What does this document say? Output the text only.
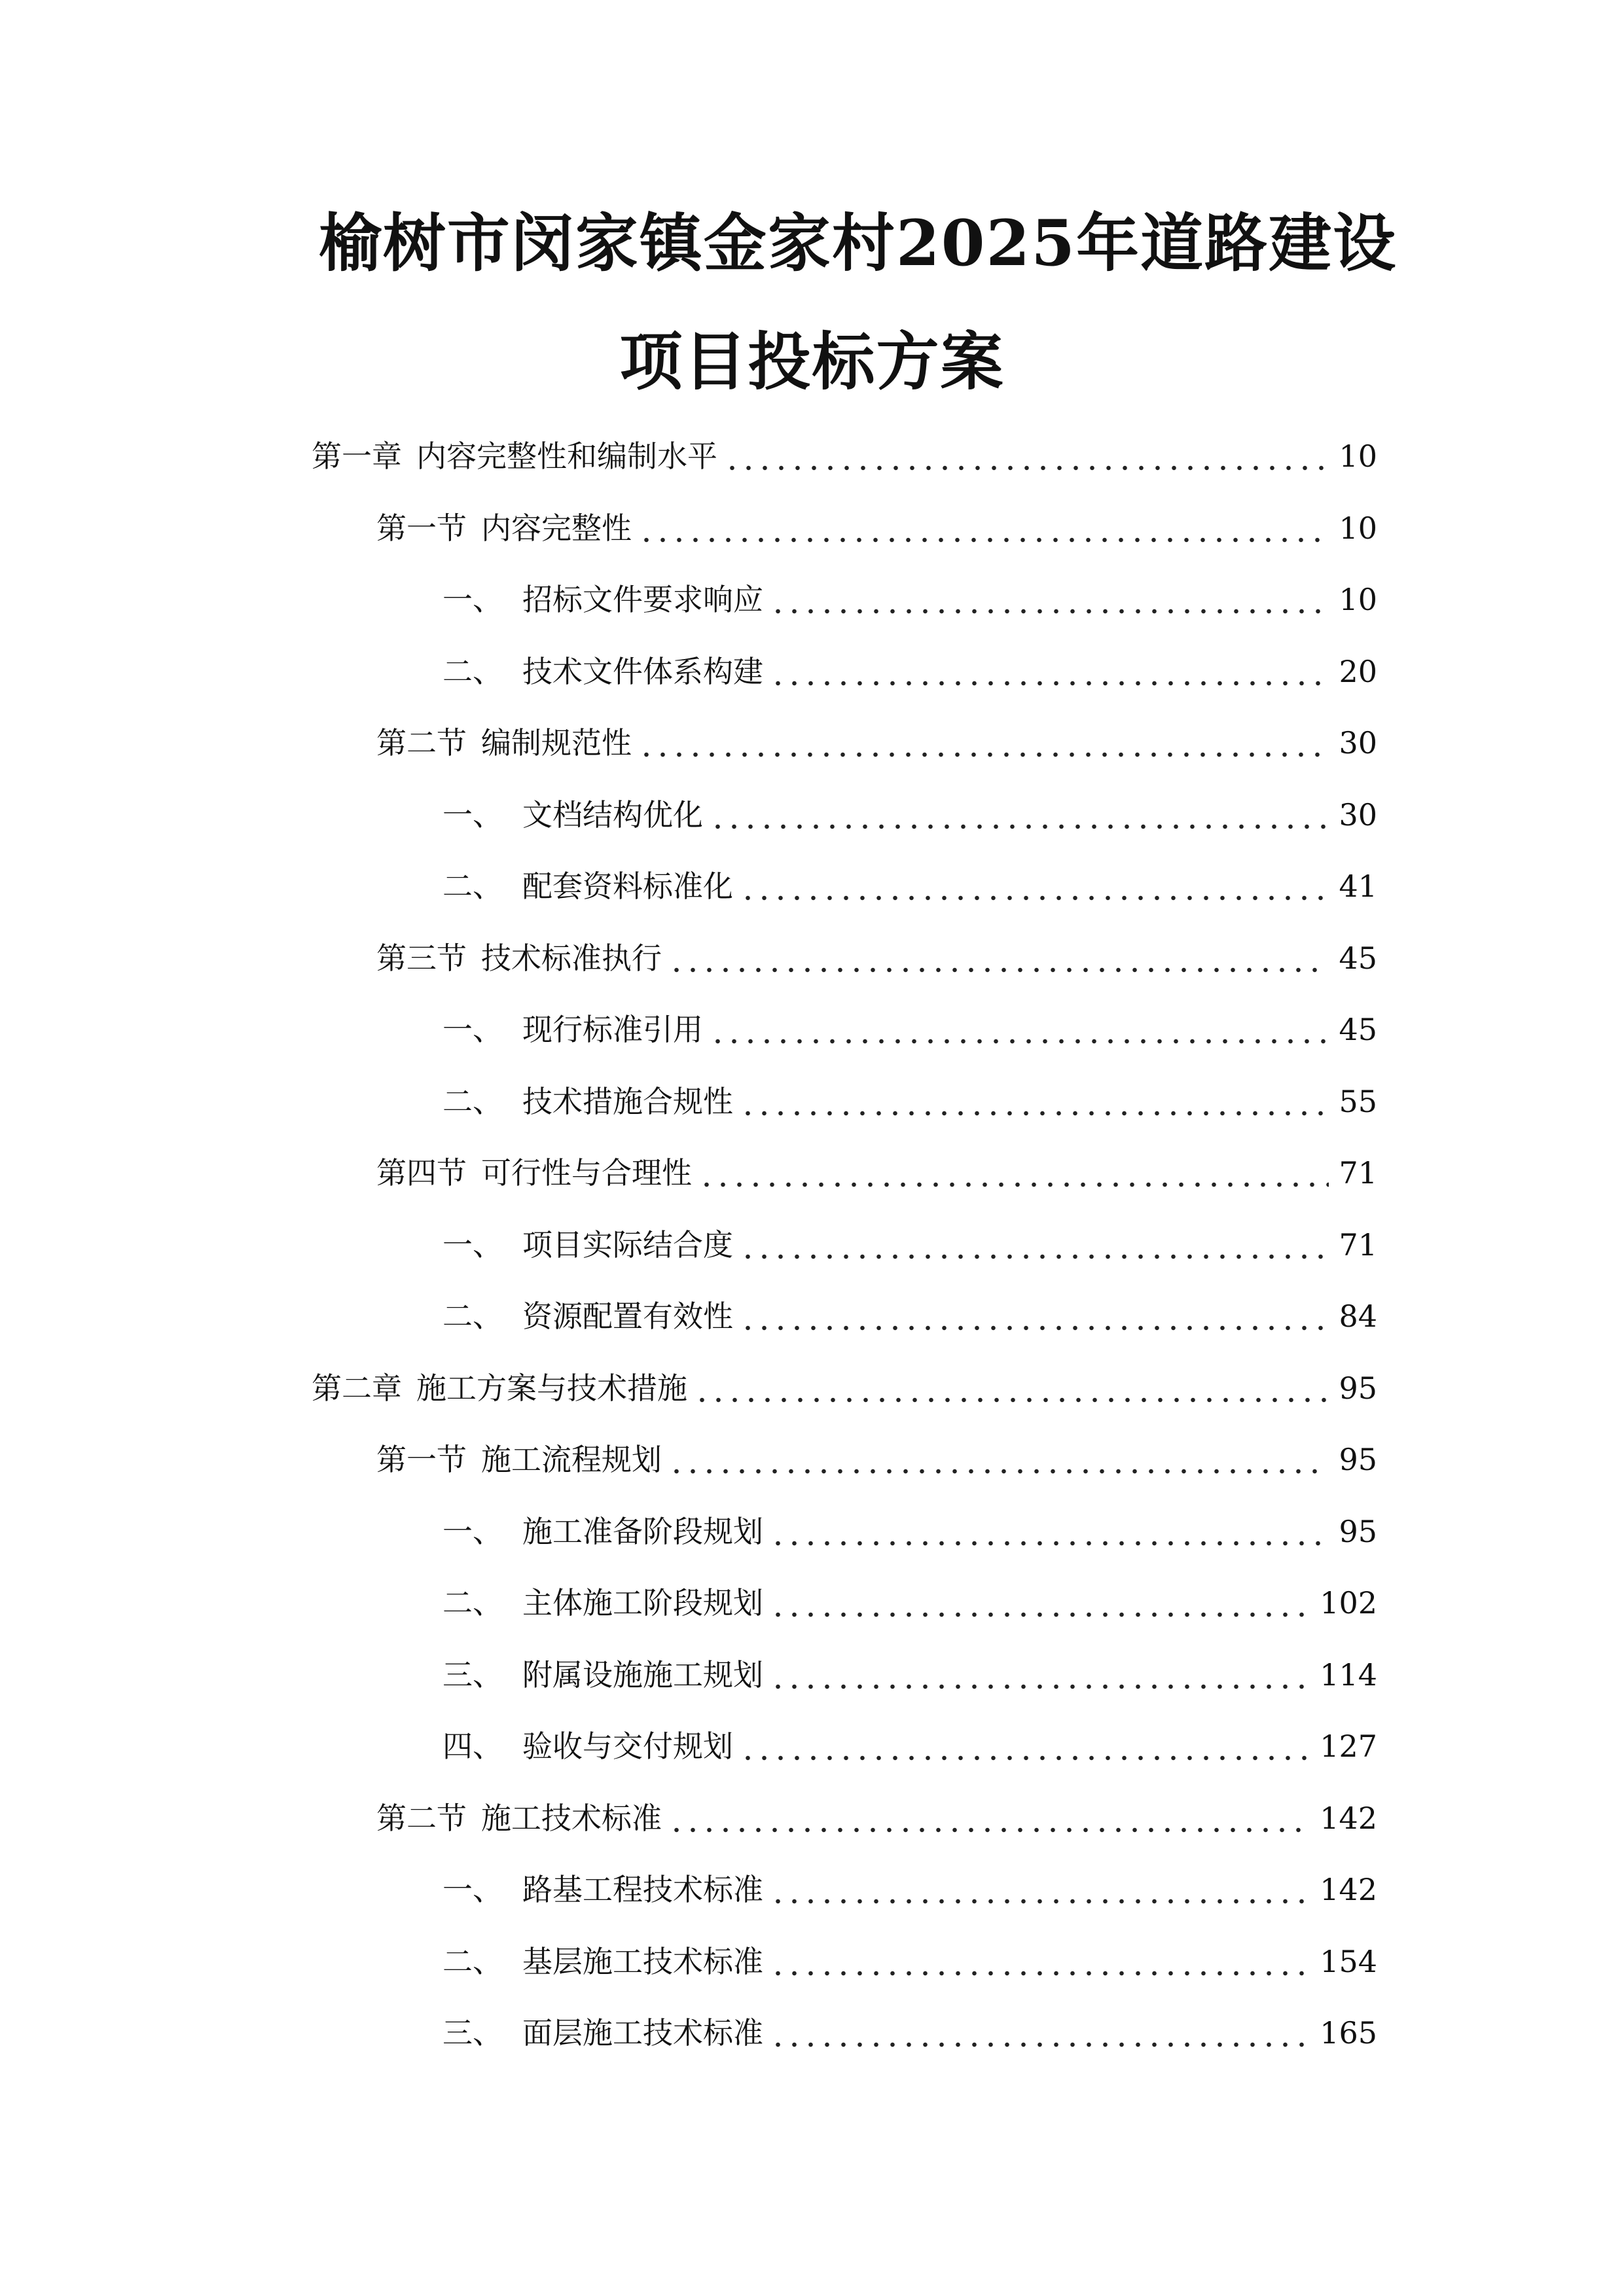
榆树市闵家镇金家村2025年道路建设
项目投标方案
第一章 内容完整性和编制水平	10
第一节 内容完整性	10
一、 招标文件要求响应	10
二、 技术文件体系构建	20
第二节 编制规范性	30
一、 文档结构优化	30
二、 配套资料标准化	41
第三节 技术标准执行	45
一、 现行标准引用	45
二、 技术措施合规性	55
第四节 可行性与合理性	71
一、 项目实际结合度	71
二、 资源配置有效性	84
第二章 施工方案与技术措施	95
第一节 施工流程规划	95
一、 施工准备阶段规划	95
二、 主体施工阶段规划	102
三、 附属设施施工规划	114
四、 验收与交付规划	127
第二节 施工技术标准	142
一、 路基工程技术标准	142
二、 基层施工技术标准	154
三、 面层施工技术标准	165
